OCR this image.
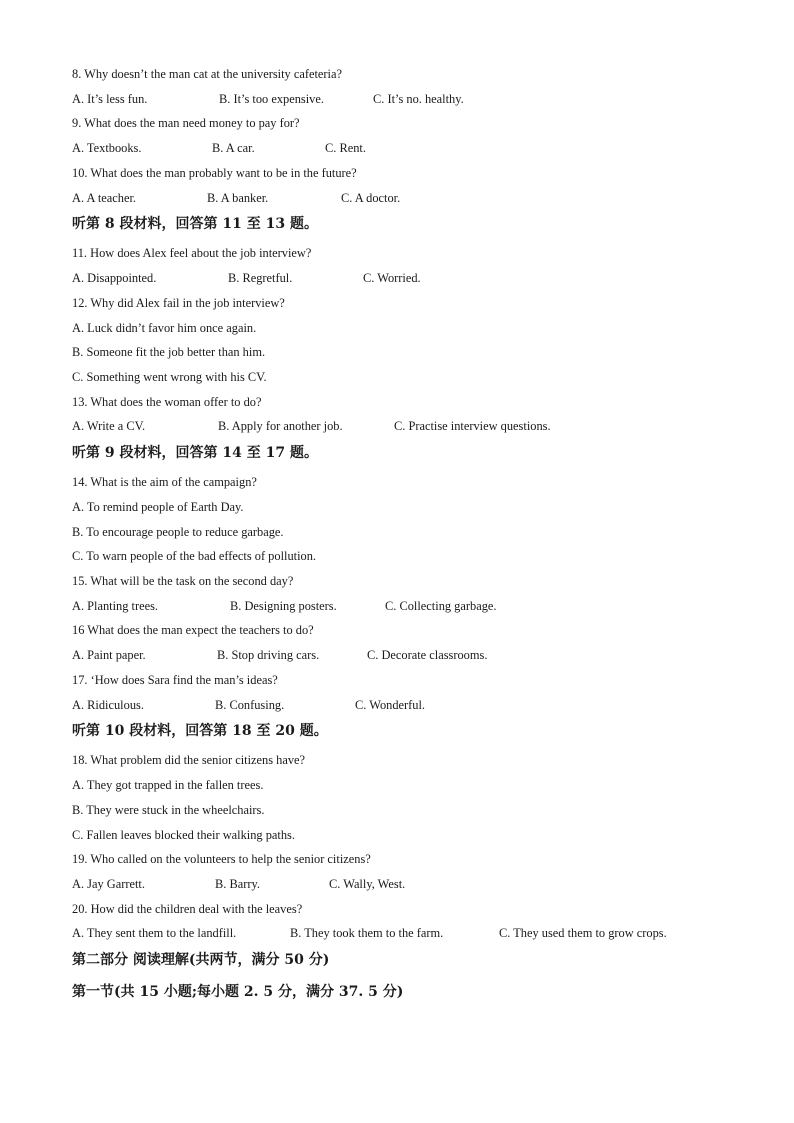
8. Why doesn’t the man cat at the university cafeteria?
A. It’s less fun.	B. It’s too expensive.	C. It’s no. healthy.
9. What does the man need money to pay for?
A. Textbooks.	B. A car.	C. Rent.
10. What does the man probably want to be in the future?
A. A teacher.	B. A banker.	C. A doctor.
听第 8 段材料，回答第 11 至 13 题。
11. How does Alex feel about the job interview?
A. Disappointed.	B. Regretful.	C. Worried.
12. Why did Alex fail in the job interview?
A. Luck didn’t favor him once again.
B. Someone fit the job better than him.
C. Something went wrong with his CV.
13. What does the woman offer to do?
A. Write a CV.	B. Apply for another job.	C. Practise interview questions.
听第 9 段材料，回答第 14 至 17 题。
14. What is the aim of the campaign?
A. To remind people of Earth Day.
B. To encourage people to reduce garbage.
C. To warn people of the bad effects of pollution.
15. What will be the task on the second day?
A. Planting trees.	B. Designing posters.	C. Collecting garbage.
16 What does the man expect the teachers to do?
A. Paint paper.	B. Stop driving cars.	C. Decorate classrooms.
17. ‘How does Sara find the man’s ideas?
A. Ridiculous.	B. Confusing.	C. Wonderful.
听第 10 段材料，回答第 18 至 20 题。
18. What problem did the senior citizens have?
A. They got trapped in the fallen trees.
B. They were stuck in the wheelchairs.
C. Fallen leaves blocked their walking paths.
19. Who called on the volunteers to help the senior citizens?
A. Jay Garrett.	B. Barry.	C. Wally, West.
20. How did the children deal with the leaves?
A. They sent them to the landfill.	B. They took them to the farm.	C. They used them to grow crops.
第二部分 阅读理解(共两节，满分 50 分)
第一节(共 15 小题;每小题 2. 5 分，满分 37. 5 分)
